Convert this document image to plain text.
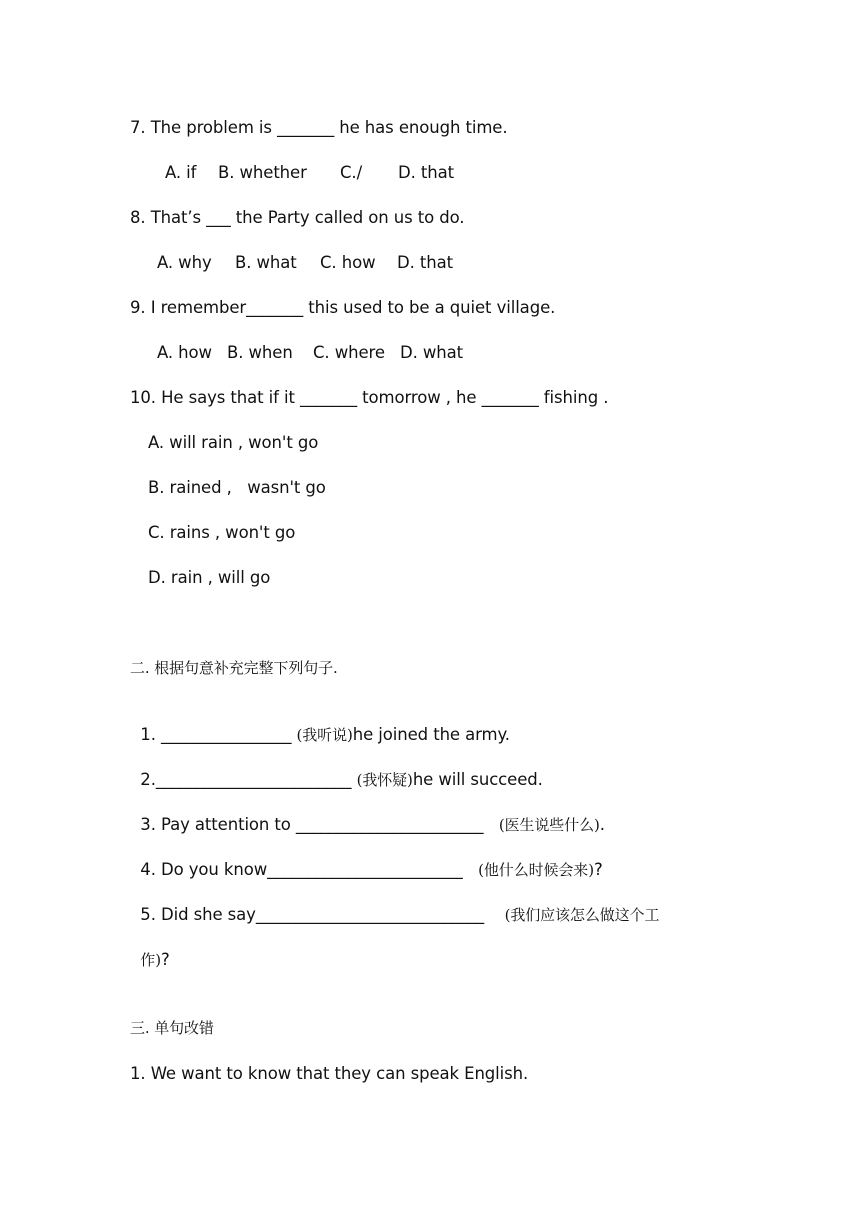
7. The problem is _______ he has enough time.
A. if B. whether C./ D. that
8. That’s ___ the Party called on us to do.
A. why B. what C. how D. that
9. I remember_______ this used to be a quiet village.
A. how B. when C. where D. what
10. He says that if it _______ tomorrow , he _______ fishing .
A. will rain , won't go
B. rained ,   wasn't go
C. rains , won't go
D. rain , will go
二. 根据句意补充完整下列句子.

1. ________________ (我听说)he joined the army.

2.________________________ (我怀疑)he will succeed.

3. Pay attention to _______________________   (医生说些什么).

4. Do you know________________________   (他什么时候会来)?

5. Did she say____________________________    (我们应该怎么做这个工

作)?

三. 单句改错
1. We want to know that they can speak English.
